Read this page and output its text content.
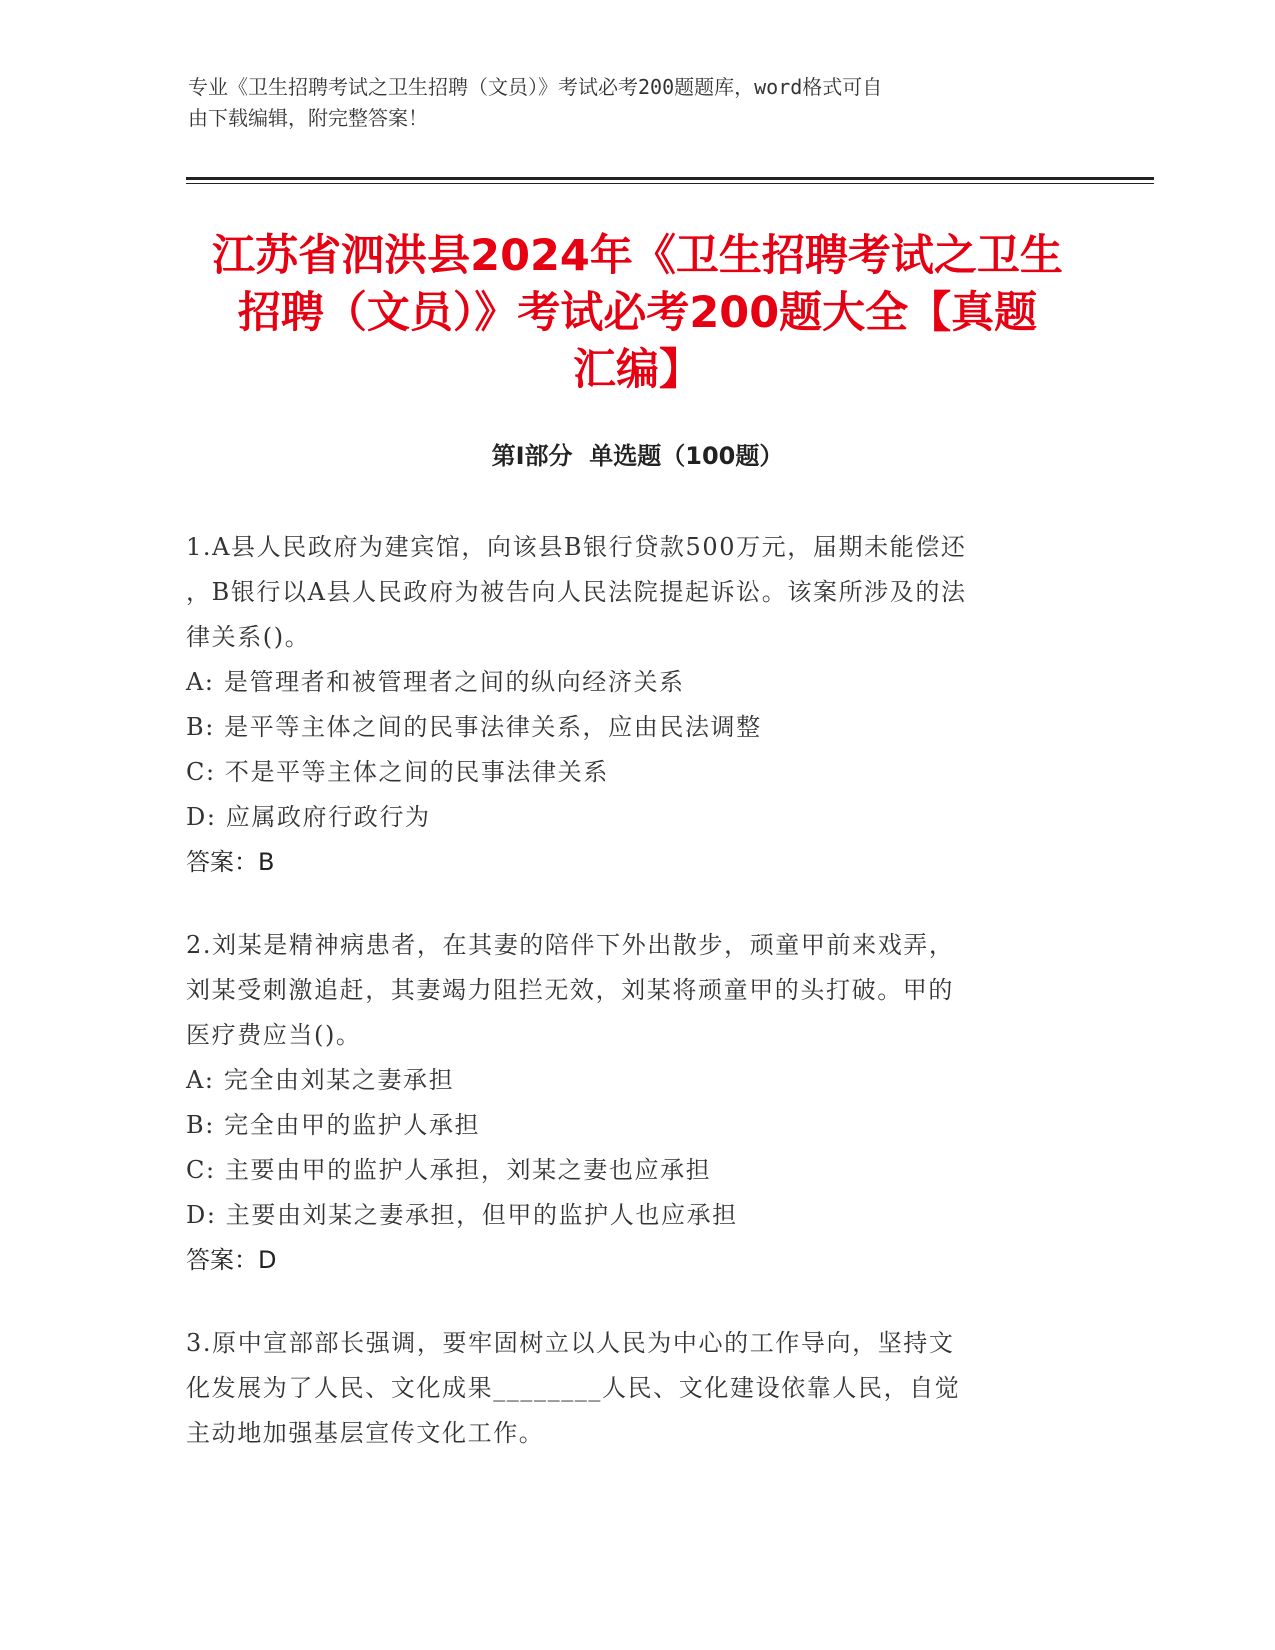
专业《卫生招聘考试之卫生招聘（文员）》考试必考200题题库，word格式可自
由下载编辑，附完整答案！
江苏省泗洪县2024年《卫生招聘考试之卫生
招聘（文员）》考试必考200题大全【真题
汇编】
第Ⅰ部分  单选题（100题）
1.A县人民政府为建宾馆，向该县B银行贷款500万元，届期未能偿还
，B银行以A县人民政府为被告向人民法院提起诉讼。该案所涉及的法
律关系()。
A: 是管理者和被管理者之间的纵向经济关系
B: 是平等主体之间的民事法律关系，应由民法调整
C: 不是平等主体之间的民事法律关系
D: 应属政府行政行为
答案：B
2.刘某是精神病患者，在其妻的陪伴下外出散步，顽童甲前来戏弄，
刘某受刺激追赶，其妻竭力阻拦无效，刘某将顽童甲的头打破。甲的
医疗费应当()。
A: 完全由刘某之妻承担
B: 完全由甲的监护人承担
C: 主要由甲的监护人承担，刘某之妻也应承担
D: 主要由刘某之妻承担，但甲的监护人也应承担
答案：D
3.原中宣部部长强调，要牢固树立以人民为中心的工作导向，坚持文
化发展为了人民、文化成果________人民、文化建设依靠人民，自觉
主动地加强基层宣传文化工作。
